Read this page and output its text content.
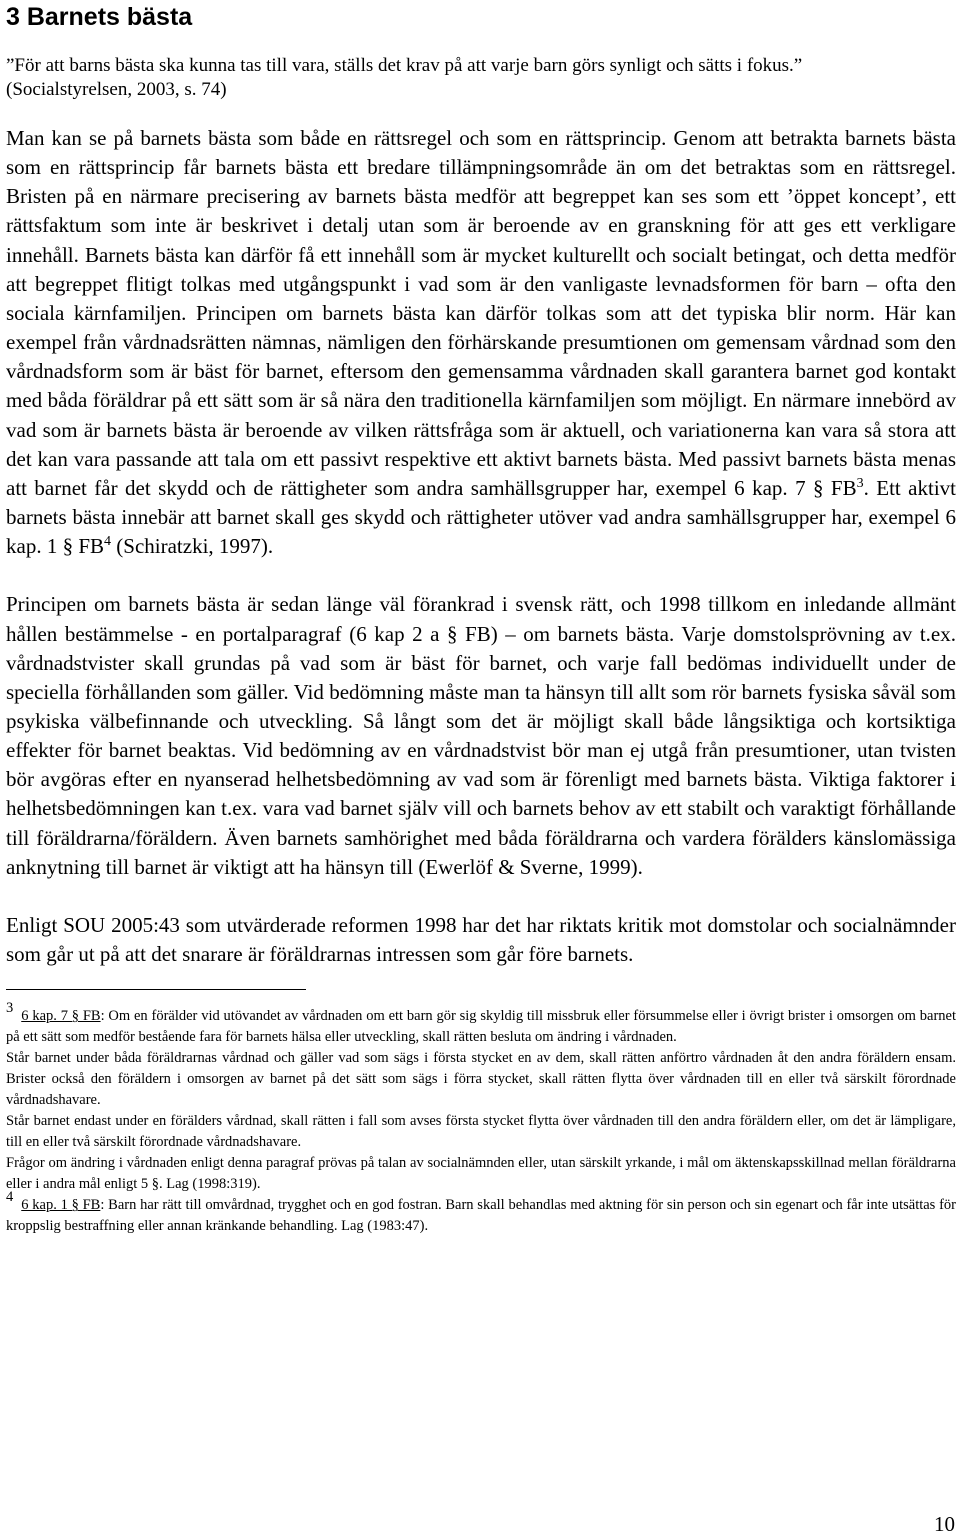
3 Barnets bästa
”För att barns bästa ska kunna tas till vara, ställs det krav på att varje barn görs synligt och sätts i fokus.”
(Socialstyrelsen, 2003, s. 74)

Man kan se på barnets bästa som både en rättsregel och som en rättsprincip. Genom att betrakta barnets bästa som en rättsprincip får barnets bästa ett bredare tillämpningsområde än om det betraktas som en rättsregel. Bristen på en närmare precisering av barnets bästa medför att begreppet kan ses som ett ’öppet koncept’, ett rättsfaktum som inte är beskrivet i detalj utan som är beroende av en granskning för att ges ett verkligare innehåll. Barnets bästa kan därför få ett innehåll som är mycket kulturellt och socialt betingat, och detta medför att begreppet flitigt tolkas med utgångspunkt i vad som är den vanligaste levnadsformen för barn – ofta den sociala kärnfamiljen. Principen om barnets bästa kan därför tolkas som att det typiska blir norm. Här kan exempel från vårdnadsrätten nämnas, nämligen den förhärskande presumtionen om gemensam vårdnad som den vårdnadsform som är bäst för barnet, eftersom den gemensamma vårdnaden skall garantera barnet god kontakt med båda föräldrar på ett sätt som är så nära den traditionella kärnfamiljen som möjligt. En närmare innebörd av vad som är barnets bästa är beroende av vilken rättsfråga som är aktuell, och variationerna kan vara så stora att det kan vara passande att tala om ett passivt respektive ett aktivt barnets bästa. Med passivt barnets bästa menas att barnet får det skydd och de rättigheter som andra samhällsgrupper har, exempel 6 kap. 7 § FB$^3$. Ett aktivt barnets bästa innebär att barnet skall ges skydd och rättigheter utöver vad andra samhällsgrupper har, exempel 6 kap. 1 § FB$^4$ (Schiratzki, 1997).

Principen om barnets bästa är sedan länge väl förankrad i svensk rätt, och 1998 tillkom en inledande allmänt hållen bestämmelse - en portalparagraf (6 kap 2 a § FB) – om barnets bästa. Varje domstolsprövning av t.ex. vårdnadstvister skall grundas på vad som är bäst för barnet, och varje fall bedömas individuellt under de speciella förhållanden som gäller. Vid bedömning måste man ta hänsyn till allt som rör barnets fysiska såväl som psykiska välbefinnande och utveckling. Så långt som det är möjligt skall både långsiktiga och kortsiktiga effekter för barnet beaktas. Vid bedömning av en vårdnadstvist bör man ej utgå från presumtioner, utan tvisten bör avgöras efter en nyanserad helhetsbedömning av vad som är förenligt med barnets bästa. Viktiga faktorer i helhetsbedömningen kan t.ex. vara vad barnet själv vill och barnets behov av ett stabilt och varaktigt förhållande till föräldrarna/föräldern. Även barnets samhörighet med båda föräldrarna och vardera förälders känslomässiga anknytning till barnet är viktigt att ha hänsyn till (Ewerlöf & Sverne, 1999).

Enligt SOU 2005:43 som utvärderade reformen 1998 har det har riktats kritik mot domstolar och socialnämnder som går ut på att det snarare är föräldrarnas intressen som går före barnets.

3 6 kap. 7 § FB: Om en förälder vid utövandet av vårdnaden om ett barn gör sig skyldig till missbruk eller försummelse eller i övrigt brister i omsorgen om barnet på ett sätt som medför bestående fara för barnets hälsa eller utveckling, skall rätten besluta om ändring i vårdnaden.

Står barnet under båda föräldrarnas vårdnad och gäller vad som sägs i första stycket en av dem, skall rätten anförtro vårdnaden åt den andra föräldern ensam. Brister också den föräldern i omsorgen av barnet på det sätt som sägs i förra stycket, skall rätten flytta över vårdnaden till en eller två särskilt förordnade vårdnadshavare.

Står barnet endast under en förälders vårdnad, skall rätten i fall som avses första stycket flytta över vårdnaden till den andra föräldern eller, om det är lämpligare, till en eller två särskilt förordnade vårdnadshavare.

Frågor om ändring i vårdnaden enligt denna paragraf prövas på talan av socialnämnden eller, utan särskilt yrkande, i mål om äktenskapsskillnad mellan föräldrarna eller i andra mål enligt 5 §. Lag (1998:319).

4 6 kap. 1 § FB: Barn har rätt till omvårdnad, trygghet och en god fostran. Barn skall behandlas med aktning för sin person och sin egenart och får inte utsättas för kroppslig bestraffning eller annan kränkande behandling. Lag (1983:47).

10
